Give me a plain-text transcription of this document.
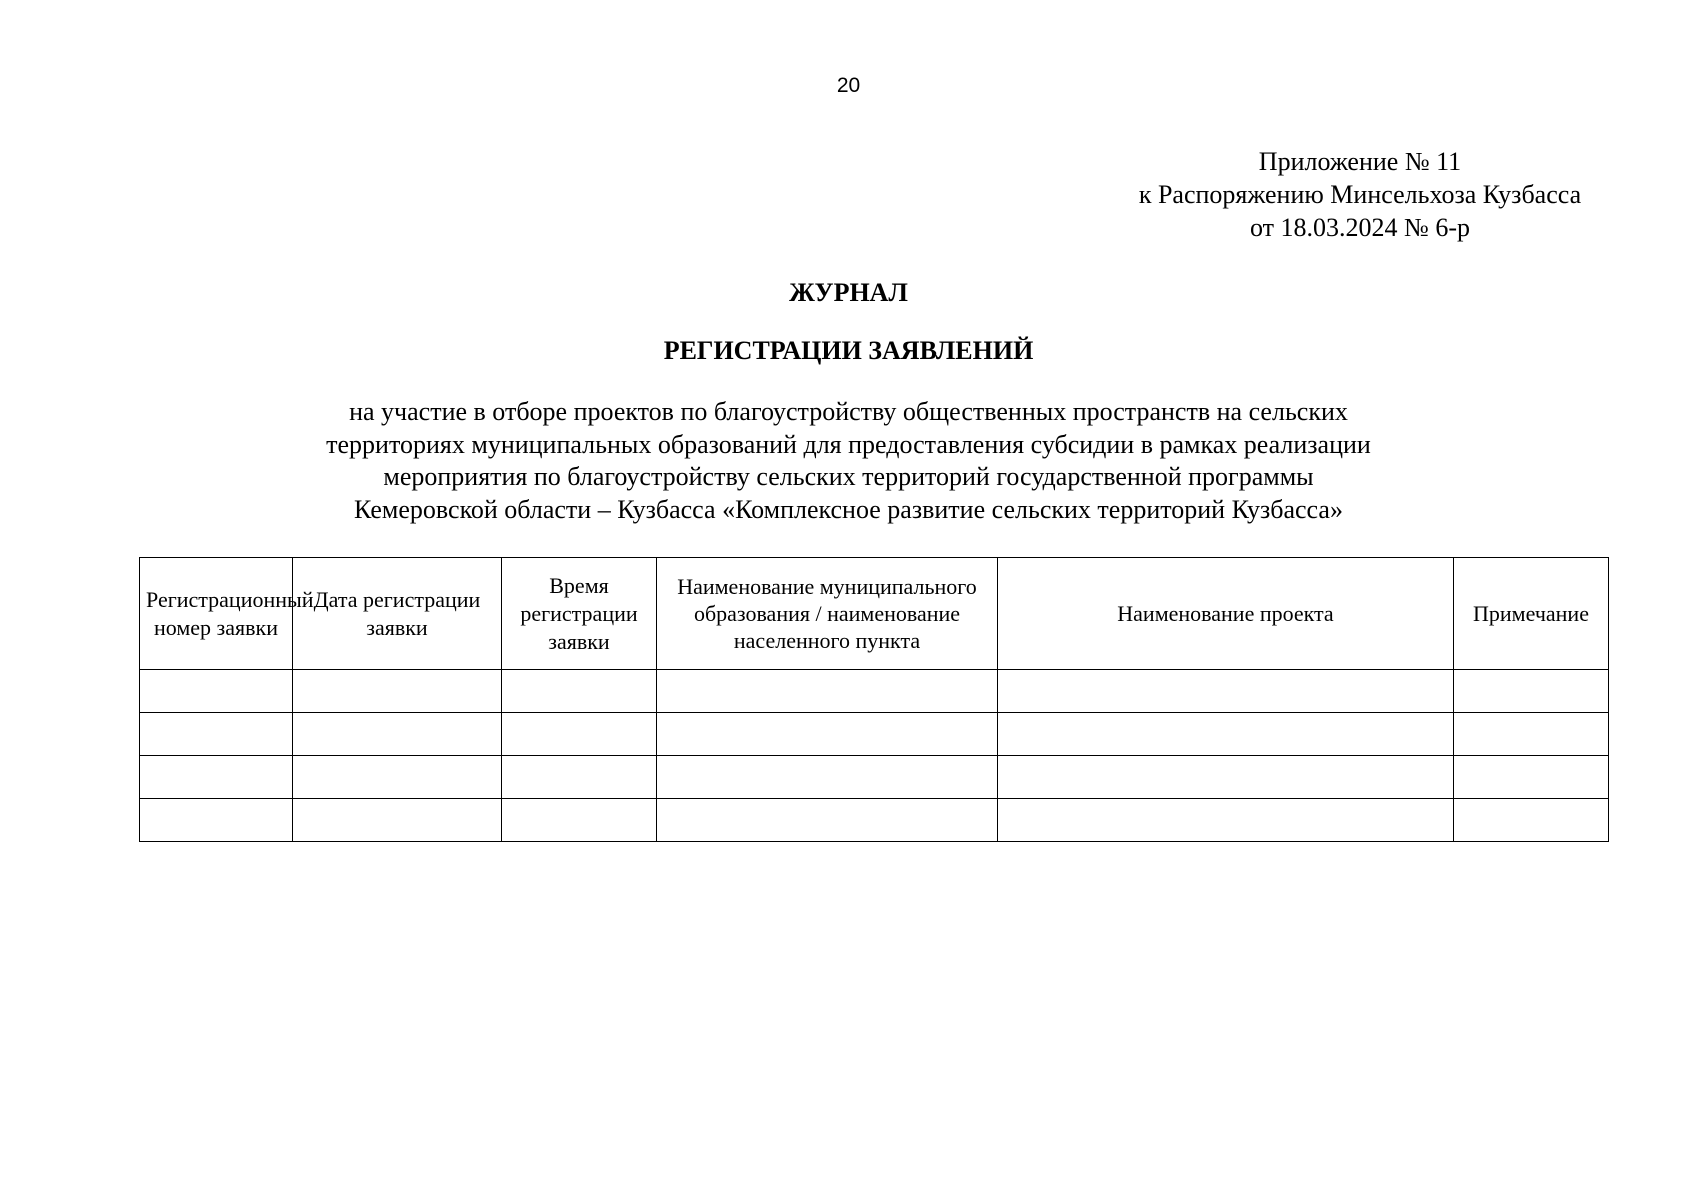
20
Приложение № 11
к Распоряжению Минсельхоза Кузбасса
от 18.03.2024 № 6-р
ЖУРНАЛ
РЕГИСТРАЦИИ ЗАЯВЛЕНИЙ
на участие в отборе проектов по благоустройству общественных пространств на сельских
территориях муниципальных образований для предоставления субсидии в рамках реализации
мероприятия по благоустройству сельских территорий государственной программы
Кемеровской области – Кузбасса «Комплексное развитие сельских территорий Кузбасса»
Регистрационный номер заявки	Дата регистрации заявки	Время регистрации заявки	Наименование муниципального образования / наименование населенного пункта	Наименование проекта	Примечание
